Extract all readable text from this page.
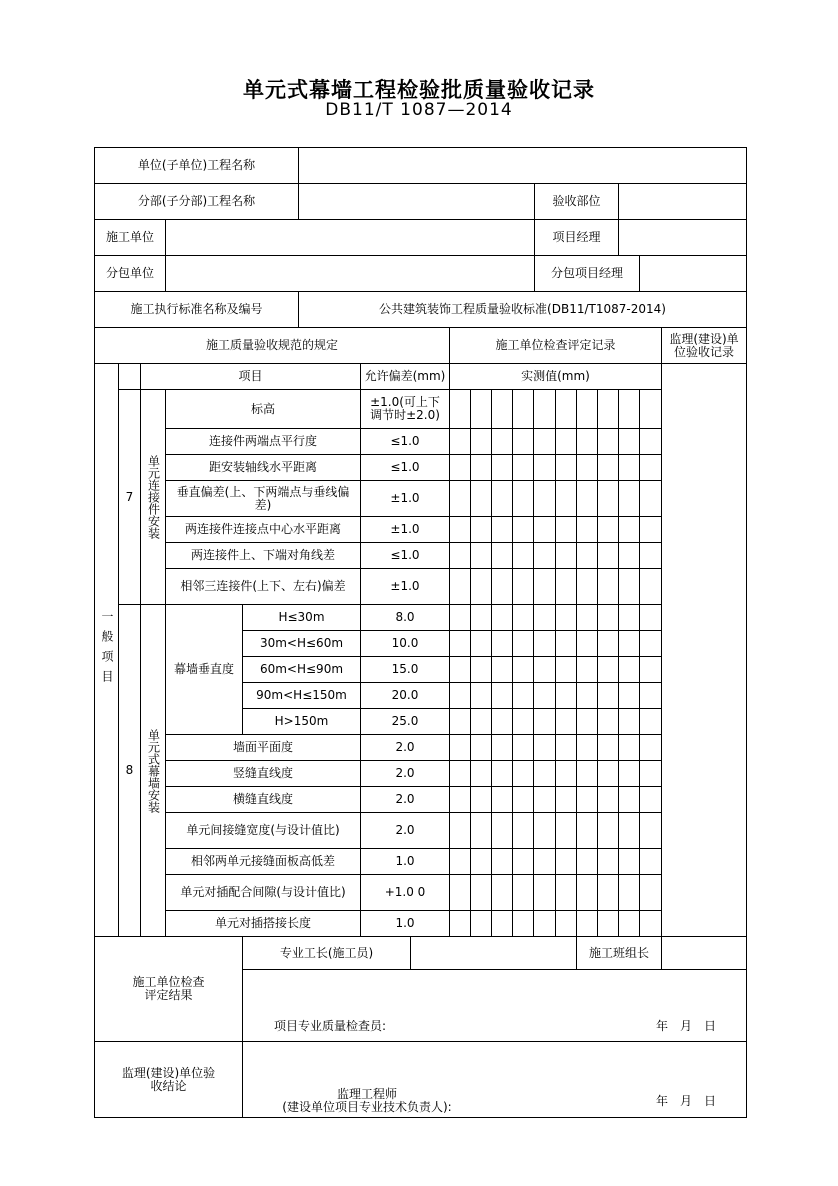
单元式幕墙工程检验批质量验收记录
DB11/T 1087—2014
单位(子单位)工程名称
分部(子分部)工程名称	验收部位
施工单位	项目经理
分包单位	分包项目经理
施工执行标准名称及编号	公共建筑装饰工程质量验收标准(DB11/T1087-2014)
施工质量验收规范的规定	施工单位检查评定记录	监理(建设)单位验收记录
一般项目
项目	允许偏差(mm)	实测值(mm)
7	单元连接件安装
标高	±1.0(可上下调节时±2.0)
连接件两端点平行度	≤1.0
距安装轴线水平距离	≤1.0
垂直偏差(上、下两端点与垂线偏差)	±1.0
两连接件连接点中心水平距离	±1.0
两连接件上、下端对角线差	≤1.0
相邻三连接件(上下、左右)偏差	±1.0
8	单元式幕墙安装
幕墙垂直度
H≤30m	8.0
30m<H≤60m	10.0
60m<H≤90m	15.0
90m<H≤150m	20.0
H>150m	25.0
墙面平面度	2.0
竖缝直线度	2.0
横缝直线度	2.0
单元间接缝宽度(与设计值比)	2.0
相邻两单元接缝面板高低差	1.0
单元对插配合间隙(与设计值比)	+1.0 0
单元对插搭接长度	1.0
施工单位检查评定结果
专业工长(施工员)	施工班组长
项目专业质量检查员:	年　月　日
监理(建设)单位验收结论
监理工程师
(建设单位项目专业技术负责人):	年　月　日
